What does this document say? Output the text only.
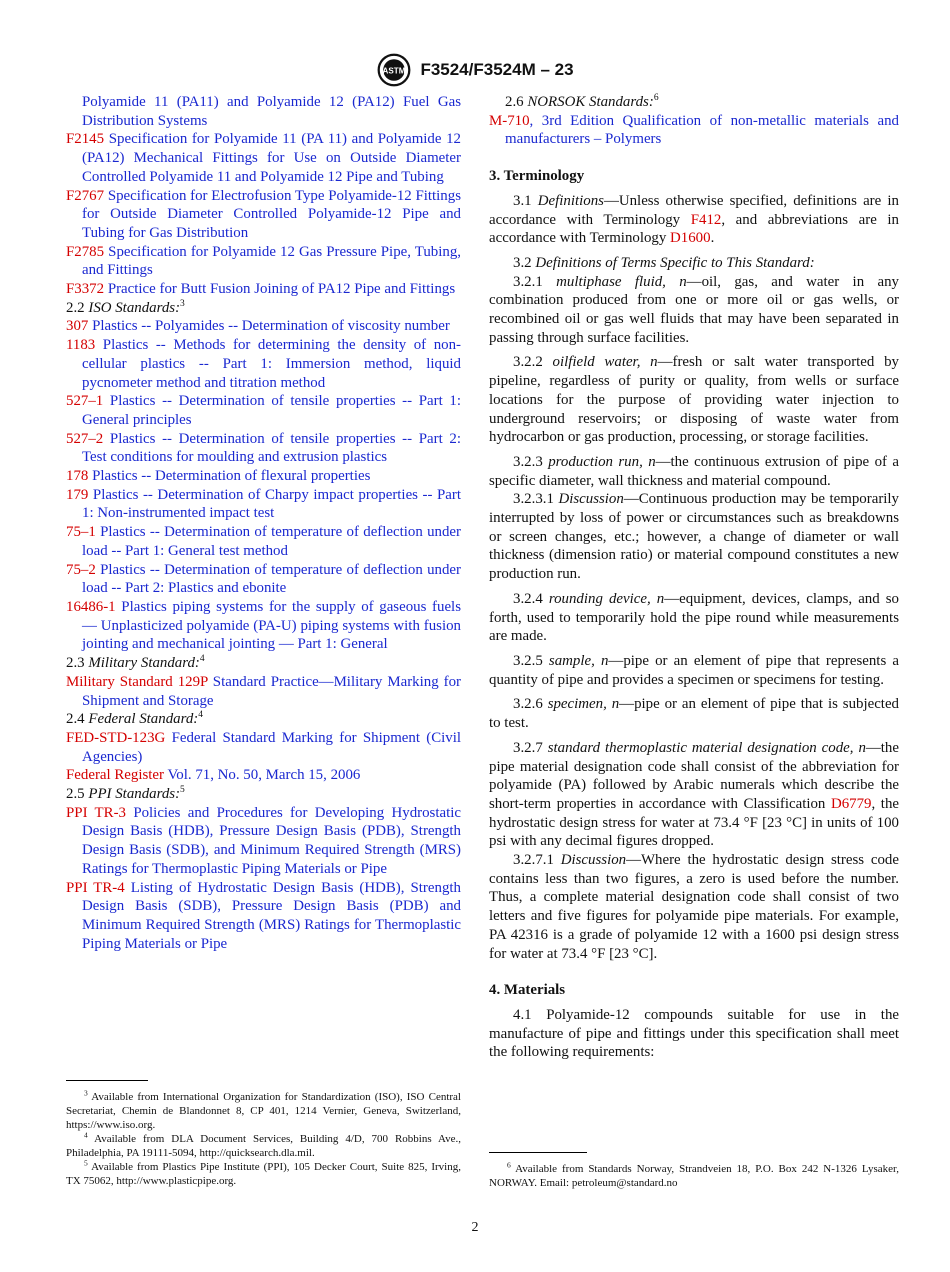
ASTM F3524/F3524M – 23
Polyamide 11 (PA11) and Polyamide 12 (PA12) Fuel Gas Distribution Systems

F2145 Specification for Polyamide 11 (PA 11) and Polyamide 12 (PA12) Mechanical Fittings for Use on Outside Diameter Controlled Polyamide 11 and Polyamide 12 Pipe and Tubing

F2767 Specification for Electrofusion Type Polyamide-12 Fittings for Outside Diameter Controlled Polyamide-12 Pipe and Tubing for Gas Distribution

F2785 Specification for Polyamide 12 Gas Pressure Pipe, Tubing, and Fittings

F3372 Practice for Butt Fusion Joining of PA12 Pipe and Fittings

2.2 ISO Standards:$^3$

307 Plastics -- Polyamides -- Determination of viscosity number

1183 Plastics -- Methods for determining the density of non-cellular plastics -- Part 1: Immersion method, liquid pycnometer method and titration method

527–1 Plastics -- Determination of tensile properties -- Part 1: General principles

527–2 Plastics -- Determination of tensile properties -- Part 2: Test conditions for moulding and extrusion plastics

178 Plastics -- Determination of flexural properties

179 Plastics -- Determination of Charpy impact properties -- Part 1: Non-instrumented impact test

75–1 Plastics -- Determination of temperature of deflection under load -- Part 1: General test method

75–2 Plastics -- Determination of temperature of deflection under load -- Part 2: Plastics and ebonite

16486-1 Plastics piping systems for the supply of gaseous fuels — Unplasticized polyamide (PA-U) piping systems with fusion jointing and mechanical jointing — Part 1: General

2.3 Military Standard:$^4$

Military Standard 129P Standard Practice—Military Marking for Shipment and Storage

2.4 Federal Standard:$^4$

FED-STD-123G Federal Standard Marking for Shipment (Civil Agencies)

Federal Register Vol. 71, No. 50, March 15, 2006

2.5 PPI Standards:$^5$

PPI TR-3 Policies and Procedures for Developing Hydrostatic Design Basis (HDB), Pressure Design Basis (PDB), Strength Design Basis (SDB), and Minimum Required Strength (MRS) Ratings for Thermoplastic Piping Materials or Pipe

PPI TR-4 Listing of Hydrostatic Design Basis (HDB), Strength Design Basis (SDB), Pressure Design Basis (PDB) and Minimum Required Strength (MRS) Ratings for Thermoplastic Piping Materials or Pipe

2.6 NORSOK Standards:$^6$

M-710, 3rd Edition Qualification of non-metallic materials and manufacturers – Polymers

3. Terminology

3.1 Definitions—Unless otherwise specified, definitions are in accordance with Terminology F412, and abbreviations are in accordance with Terminology D1600.

3.2 Definitions of Terms Specific to This Standard:

3.2.1 multiphase fluid, n—oil, gas, and water in any combination produced from one or more oil or gas wells, or recombined oil or gas well fluids that may have been separated in passing through surface facilities.

3.2.2 oilfield water, n—fresh or salt water transported by pipeline, regardless of purity or quality, from wells or surface locations for the purpose of providing water injection to underground reservoirs; or disposing of waste water from hydrocarbon or gas production, processing, or storage facilities.

3.2.3 production run, n—the continuous extrusion of pipe of a specific diameter, wall thickness and material compound.

3.2.3.1 Discussion—Continuous production may be temporarily interrupted by loss of power or circumstances such as breakdowns or screen changes, etc.; however, a change of diameter or wall thickness (dimension ratio) or material compound constitutes a new production run.

3.2.4 rounding device, n—equipment, devices, clamps, and so forth, used to temporarily hold the pipe round while measurements are made.

3.2.5 sample, n—pipe or an element of pipe that represents a quantity of pipe and provides a specimen or specimens for testing.

3.2.6 specimen, n—pipe or an element of pipe that is subjected to test.

3.2.7 standard thermoplastic material designation code, n—the pipe material designation code shall consist of the abbreviation for polyamide (PA) followed by Arabic numerals which describe the short-term properties in accordance with Classification D6779, the hydrostatic design stress for water at 73.4 °F [23 °C] in units of 100 psi with any decimal figures dropped.

3.2.7.1 Discussion—Where the hydrostatic design stress code contains less than two figures, a zero is used before the number. Thus, a complete material designation code shall consist of two letters and five figures for polyamide pipe materials. For example, PA 42316 is a grade of polyamide 12 with a 1600 psi design stress for water at 73.4 °F [23 °C].

4. Materials

4.1 Polyamide-12 compounds suitable for use in the manufacture of pipe and fittings under this specification shall meet the following requirements:

$^3$ Available from International Organization for Standardization (ISO), ISO Central Secretariat, Chemin de Blandonnet 8, CP 401, 1214 Vernier, Geneva, Switzerland, https://www.iso.org.
$^4$ Available from DLA Document Services, Building 4/D, 700 Robbins Ave., Philadelphia, PA 19111-5094, http://quicksearch.dla.mil.
$^5$ Available from Plastics Pipe Institute (PPI), 105 Decker Court, Suite 825, Irving, TX 75062, http://www.plasticpipe.org.
$^6$ Available from Standards Norway, Strandveien 18, P.O. Box 242 N-1326 Lysaker, NORWAY. Email: petroleum@standard.no
2
